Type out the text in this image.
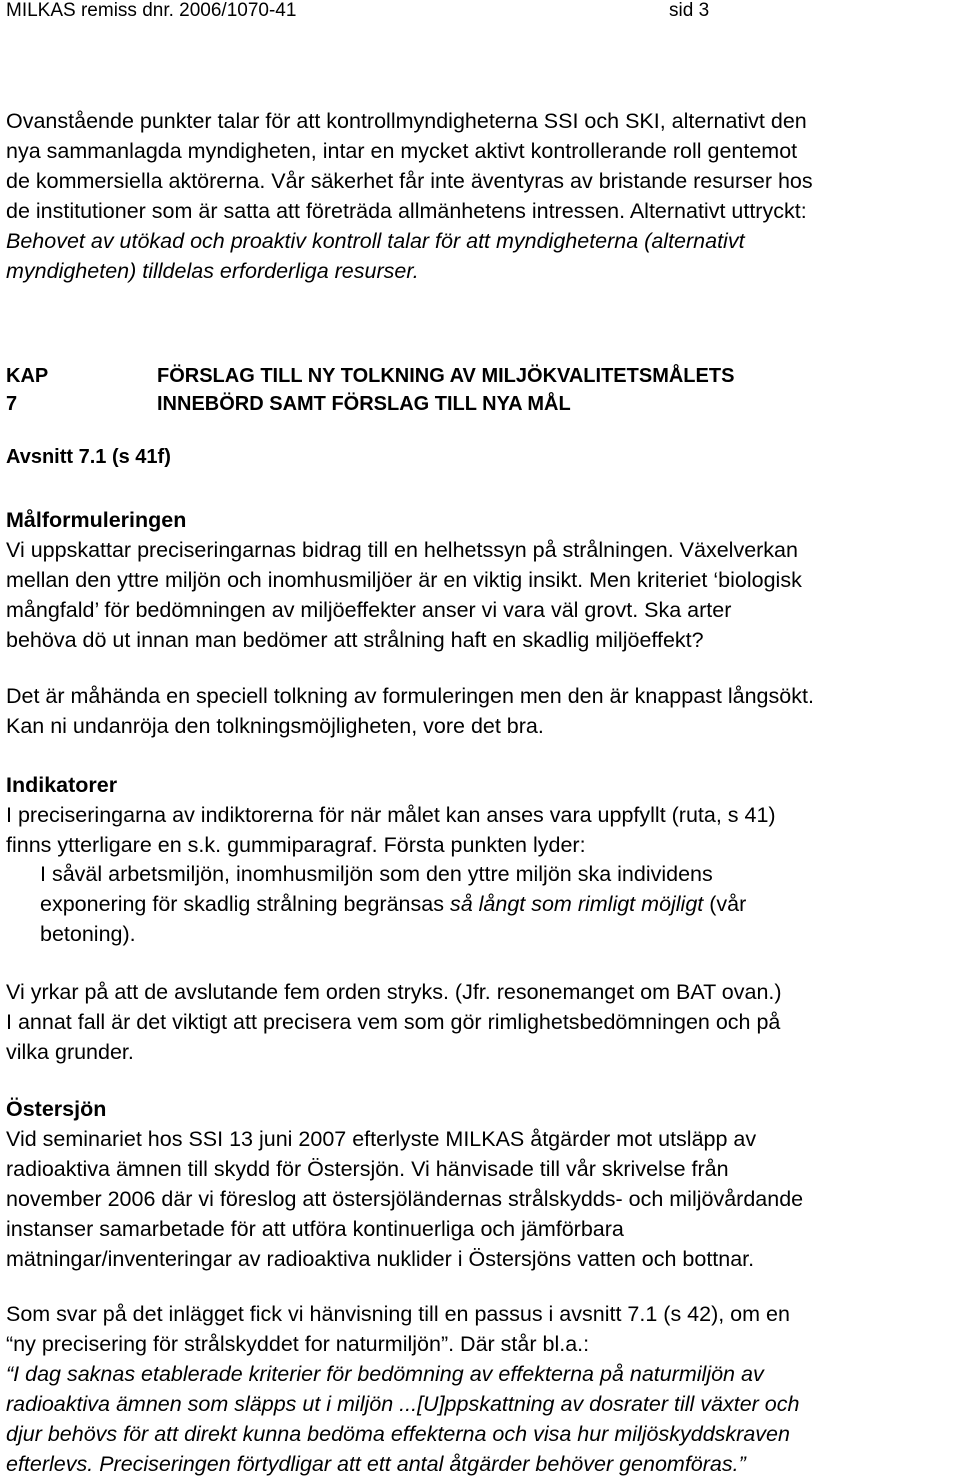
MILKAS remiss dnr. 2006/1070-41	sid 3
Ovanstående punkter talar för att kontrollmyndigheterna SSI och SKI, alternativt den
nya sammanlagda myndigheten, intar en mycket aktivt kontrollerande roll gentemot
de kommersiella aktörerna. Vår säkerhet får inte äventyras av bristande resurser hos
de institutioner som är satta att företräda allmänhetens intressen. Alternativt uttryckt:
Behovet av utökad och proaktiv kontroll talar för att myndigheterna (alternativt
myndigheten) tilldelas erforderliga resurser.
KAP 7
FÖRSLAG TILL NY TOLKNING AV MILJÖKVALITETSMÅLETS
INNEBÖRD SAMT FÖRSLAG TILL NYA MÅL
Avsnitt 7.1 (s 41f)
Målformuleringen
Vi uppskattar preciseringarnas bidrag till en helhetssyn på strålningen. Växelverkan
mellan den yttre miljön och inomhusmiljöer är en viktig insikt. Men kriteriet ‘biologisk
mångfald’ för bedömningen av miljöeffekter anser vi vara väl grovt. Ska arter
behöva dö ut innan man bedömer att strålning haft en skadlig miljöeffekt?
Det är måhända en speciell tolkning av formuleringen men den är knappast långsökt.
Kan ni undanröja den tolkningsmöjligheten, vore det bra.
Indikatorer
I preciseringarna av indiktorerna för när målet kan anses vara uppfyllt (ruta, s 41)
finns ytterligare en s.k. gummiparagraf. Första punkten lyder:
I såväl arbetsmiljön, inomhusmiljön som den yttre miljön ska individens
exponering för skadlig strålning begränsas så långt som rimligt möjligt (vår
betoning).
Vi yrkar på att de avslutande fem orden stryks. (Jfr. resonemanget om BAT ovan.)
I annat fall är det viktigt att precisera vem som gör rimlighetsbedömningen och på
vilka grunder.
Östersjön
Vid seminariet hos SSI 13 juni 2007 efterlyste MILKAS åtgärder mot utsläpp av
radioaktiva ämnen till skydd för Östersjön. Vi hänvisade till vår skrivelse från
november 2006 där vi föreslog att östersjöländernas strålskydds- och miljövårdande
instanser samarbetade för att utföra kontinuerliga och jämförbara
mätningar/inventeringar av radioaktiva nuklider i Östersjöns vatten och bottnar.
Som svar på det inlägget fick vi hänvisning till en passus i avsnitt 7.1 (s 42), om en
“ny precisering för strålskyddet for naturmiljön”. Där står bl.a.:
“I dag saknas etablerade kriterier för bedömning av effekterna på naturmiljön av
radioaktiva ämnen som släpps ut i miljön ...[U]ppskattning av dosrater till växter och
djur behövs för att direkt kunna bedöma effekterna och visa hur miljöskyddskraven
efterlevs. Preciseringen förtydligar att ett antal åtgärder behöver genomföras.”
